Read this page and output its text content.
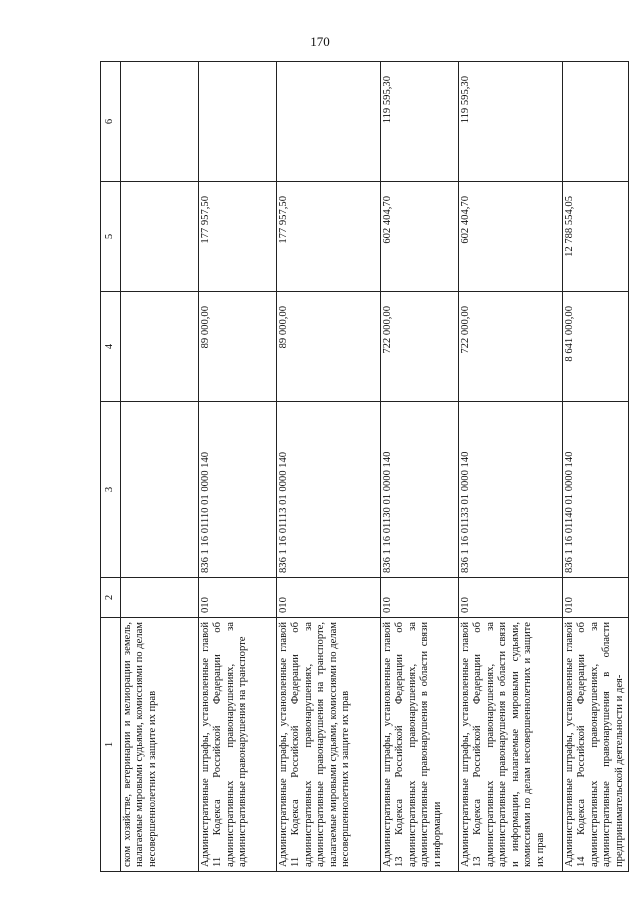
170
1	2	3	4	5	6
ском хозяйстве, ветеринарии и мелиорации земель, налагаемые мировыми судьями, комиссиями по делам несовершеннолетних и защите их прав					
Административные штрафы, установленные главой 11 Кодекса Российской Федерации об административных правонарушениях, за административные правонарушения на транспорте	010	836 1 16 01110 01 0000 140	89 000,00	177 957,50	
Административные штрафы, установленные главой 11 Кодекса Российской Федерации об административных правонарушениях, за административные правонарушения на транспорте, налагаемые мировыми судьями, комиссиями по делам несовершеннолетних и защите их прав	010	836 1 16 01113 01 0000 140	89 000,00	177 957,50	
Административные штрафы, установленные главой 13 Кодекса Российской Федерации об административных правонарушениях, за административные правонарушения в области связи и информации	010	836 1 16 01130 01 0000 140	722 000,00	602 404,70	119 595,30
Административные штрафы, установленные главой 13 Кодекса Российской Федерации об административных правонарушениях, за административные правонарушения в области связи и информации, налагаемые мировыми судьями, комиссиями по делам несовершеннолетних и защите их прав	010	836 1 16 01133 01 0000 140	722 000,00	602 404,70	119 595,30
Административные штрафы, установленные главой 14 Кодекса Российской Федерации об административных правонарушениях, за административные правонарушения в области предпринимательской деятельности и дея-	010	836 1 16 01140 01 0000 140	8 641 000,00	12 788 554,05	
